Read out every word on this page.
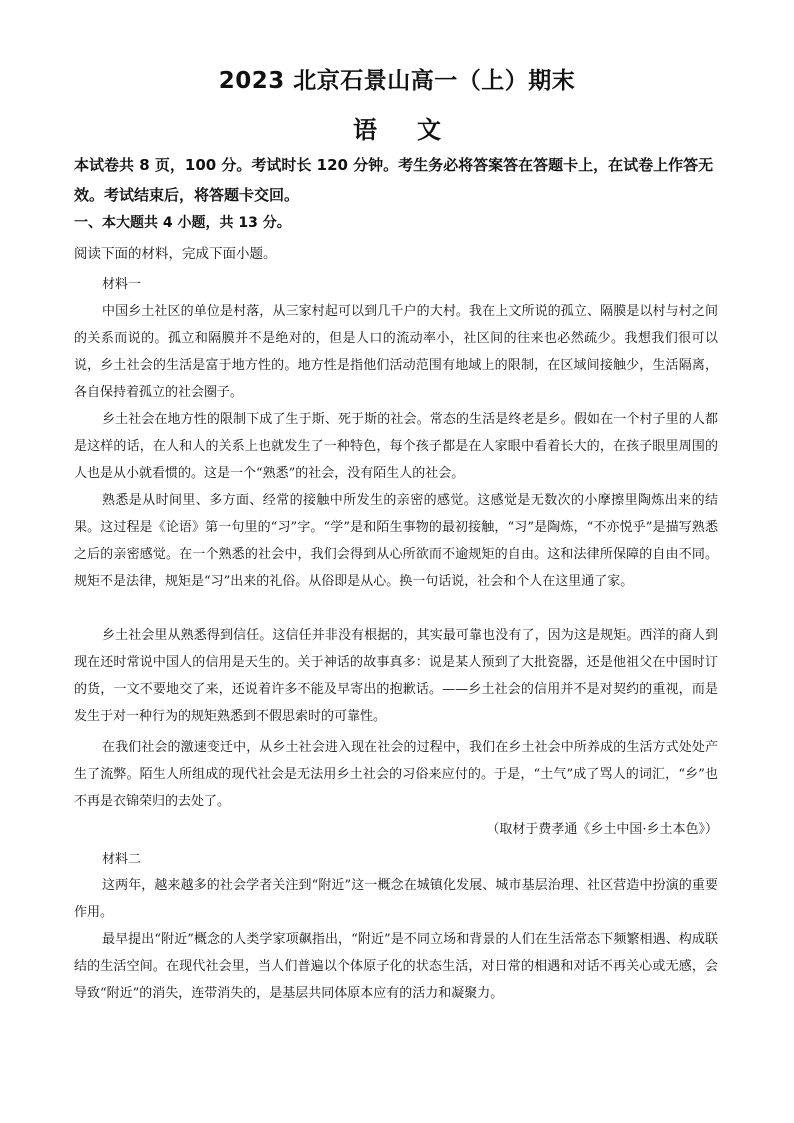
2023 北京石景山高一（上）期末
语文
本试卷共 8 页，100 分。考试时长 120 分钟。考生务必将答案答在答题卡上，在试卷上作答无效。考试结束后，将答题卡交回。
一、本大题共 4 小题，共 13 分。
阅读下面的材料，完成下面小题。
材料一

中国乡土社区的单位是村落，从三家村起可以到几千户的大村。我在上文所说的孤立、隔膜是以村与村之间的关系而说的。孤立和隔膜并不是绝对的，但是人口的流动率小，社区间的往来也必然疏少。我想我们很可以说，乡土社会的生活是富于地方性的。地方性是指他们活动范围有地域上的限制，在区域间接触少，生活隔离，各自保持着孤立的社会圈子。

乡土社会在地方性的限制下成了生于斯、死于斯的社会。常态的生活是终老是乡。假如在一个村子里的人都是这样的话，在人和人的关系上也就发生了一种特色，每个孩子都是在人家眼中看着长大的，在孩子眼里周围的人也是从小就看惯的。这是一个“熟悉”的社会，没有陌生人的社会。

熟悉是从时间里、多方面、经常的接触中所发生的亲密的感觉。这感觉是无数次的小摩擦里陶炼出来的结果。这过程是《论语》第一句里的“习”字。“学”是和陌生事物的最初接触，“习”是陶炼，“不亦悦乎”是描写熟悉之后的亲密感觉。在一个熟悉的社会中，我们会得到从心所欲而不逾规矩的自由。这和法律所保障的自由不同。规矩不是法律，规矩是“习”出来的礼俗。从俗即是从心。换一句话说，社会和个人在这里通了家。

乡土社会里从熟悉得到信任。这信任并非没有根据的，其实最可靠也没有了，因为这是规矩。西洋的商人到现在还时常说中国人的信用是天生的。关于神话的故事真多：说是某人预到了大批瓷器，还是他祖父在中国时订的货，一文不要地交了来，还说着许多不能及早寄出的抱歉话。——乡土社会的信用并不是对契约的重视，而是发生于对一种行为的规矩熟悉到不假思索时的可靠性。

在我们社会的激速变迁中，从乡土社会进入现在社会的过程中，我们在乡土社会中所养成的生活方式处处产生了流弊。陌生人所组成的现代社会是无法用乡土社会的习俗来应付的。于是，“土气”成了骂人的词汇，“乡”也不再是衣锦荣归的去处了。

（取材于费孝通《乡土中国·乡土本色》）
材料二

这两年，越来越多的社会学者关注到“附近”这一概念在城镇化发展、城市基层治理、社区营造中扮演的重要作用。

最早提出“附近”概念的人类学家项飙指出，“附近”是不同立场和背景的人们在生活常态下频繁相遇、构成联结的生活空间。在现代社会里，当人们普遍以个体原子化的状态生活，对日常的相遇和对话不再关心或无感，会导致“附近”的消失，连带消失的，是基层共同体原本应有的活力和凝聚力。
